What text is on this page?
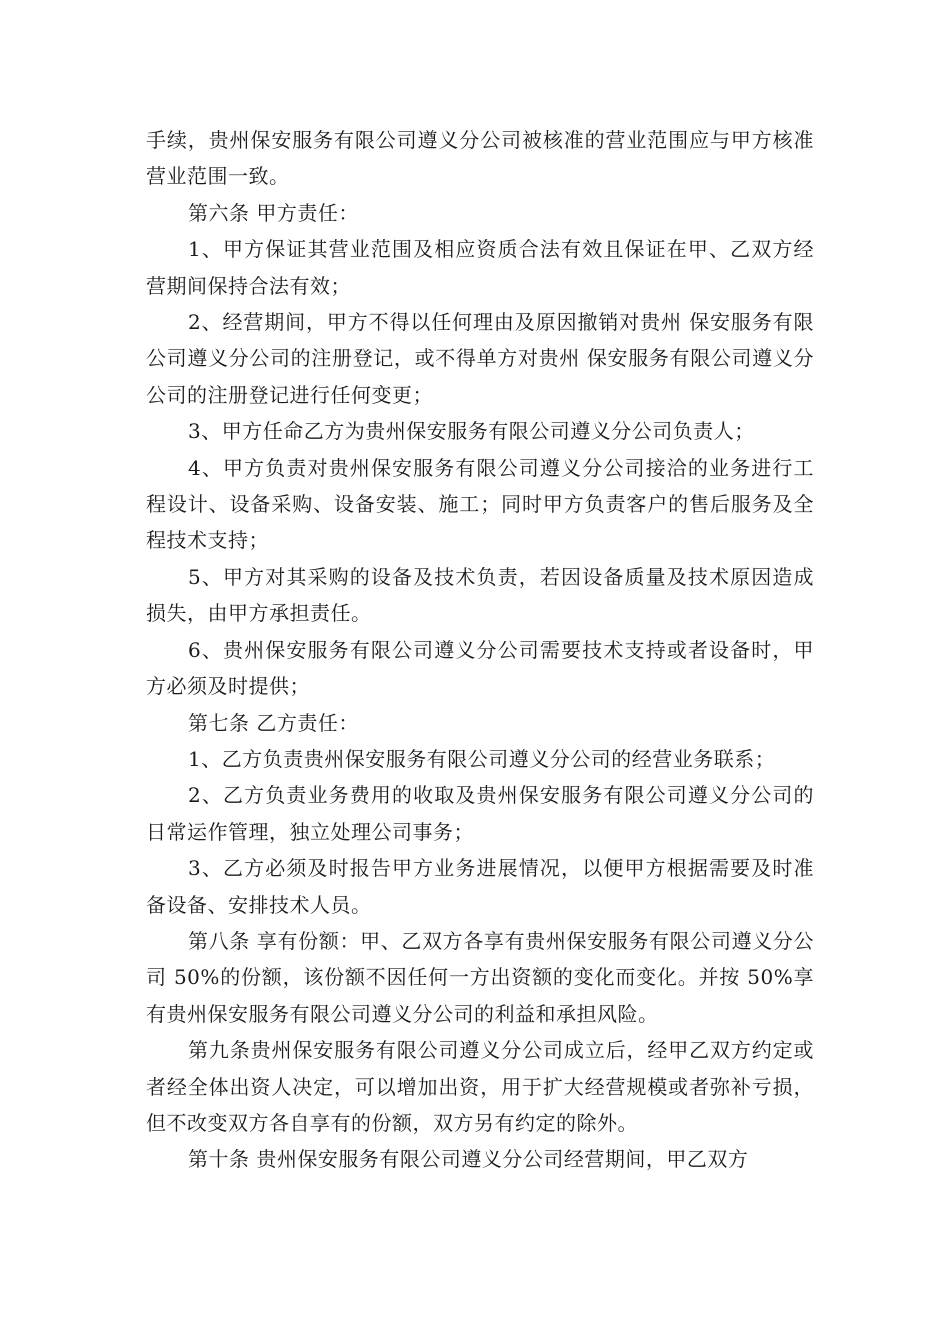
手续，贵州保安服务有限公司遵义分公司被核准的营业范围应与甲方核准营业范围一致。

第六条 甲方责任：

1、甲方保证其营业范围及相应资质合法有效且保证在甲、乙双方经营期间保持合法有效；

2、经营期间，甲方不得以任何理由及原因撤销对贵州 保安服务有限公司遵义分公司的注册登记，或不得单方对贵州 保安服务有限公司遵义分公司的注册登记进行任何变更；

3、甲方任命乙方为贵州保安服务有限公司遵义分公司负责人；

4、甲方负责对贵州保安服务有限公司遵义分公司接洽的业务进行工程设计、设备采购、设备安装、施工；同时甲方负责客户的售后服务及全程技术支持；

5、甲方对其采购的设备及技术负责，若因设备质量及技术原因造成损失，由甲方承担责任。

6、贵州保安服务有限公司遵义分公司需要技术支持或者设备时，甲方必须及时提供；

第七条 乙方责任：

1、乙方负责贵州保安服务有限公司遵义分公司的经营业务联系；

2、乙方负责业务费用的收取及贵州保安服务有限公司遵义分公司的日常运作管理，独立处理公司事务；

3、乙方必须及时报告甲方业务进展情况，以便甲方根据需要及时准备设备、安排技术人员。

第八条 享有份额：甲、乙双方各享有贵州保安服务有限公司遵义分公司 50%的份额，该份额不因任何一方出资额的变化而变化。并按 50%享有贵州保安服务有限公司遵义分公司的利益和承担风险。

第九条贵州保安服务有限公司遵义分公司成立后，经甲乙双方约定或者经全体出资人决定，可以增加出资，用于扩大经营规模或者弥补亏损，但不改变双方各自享有的份额，双方另有约定的除外。

第十条 贵州保安服务有限公司遵义分公司经营期间，甲乙双方
